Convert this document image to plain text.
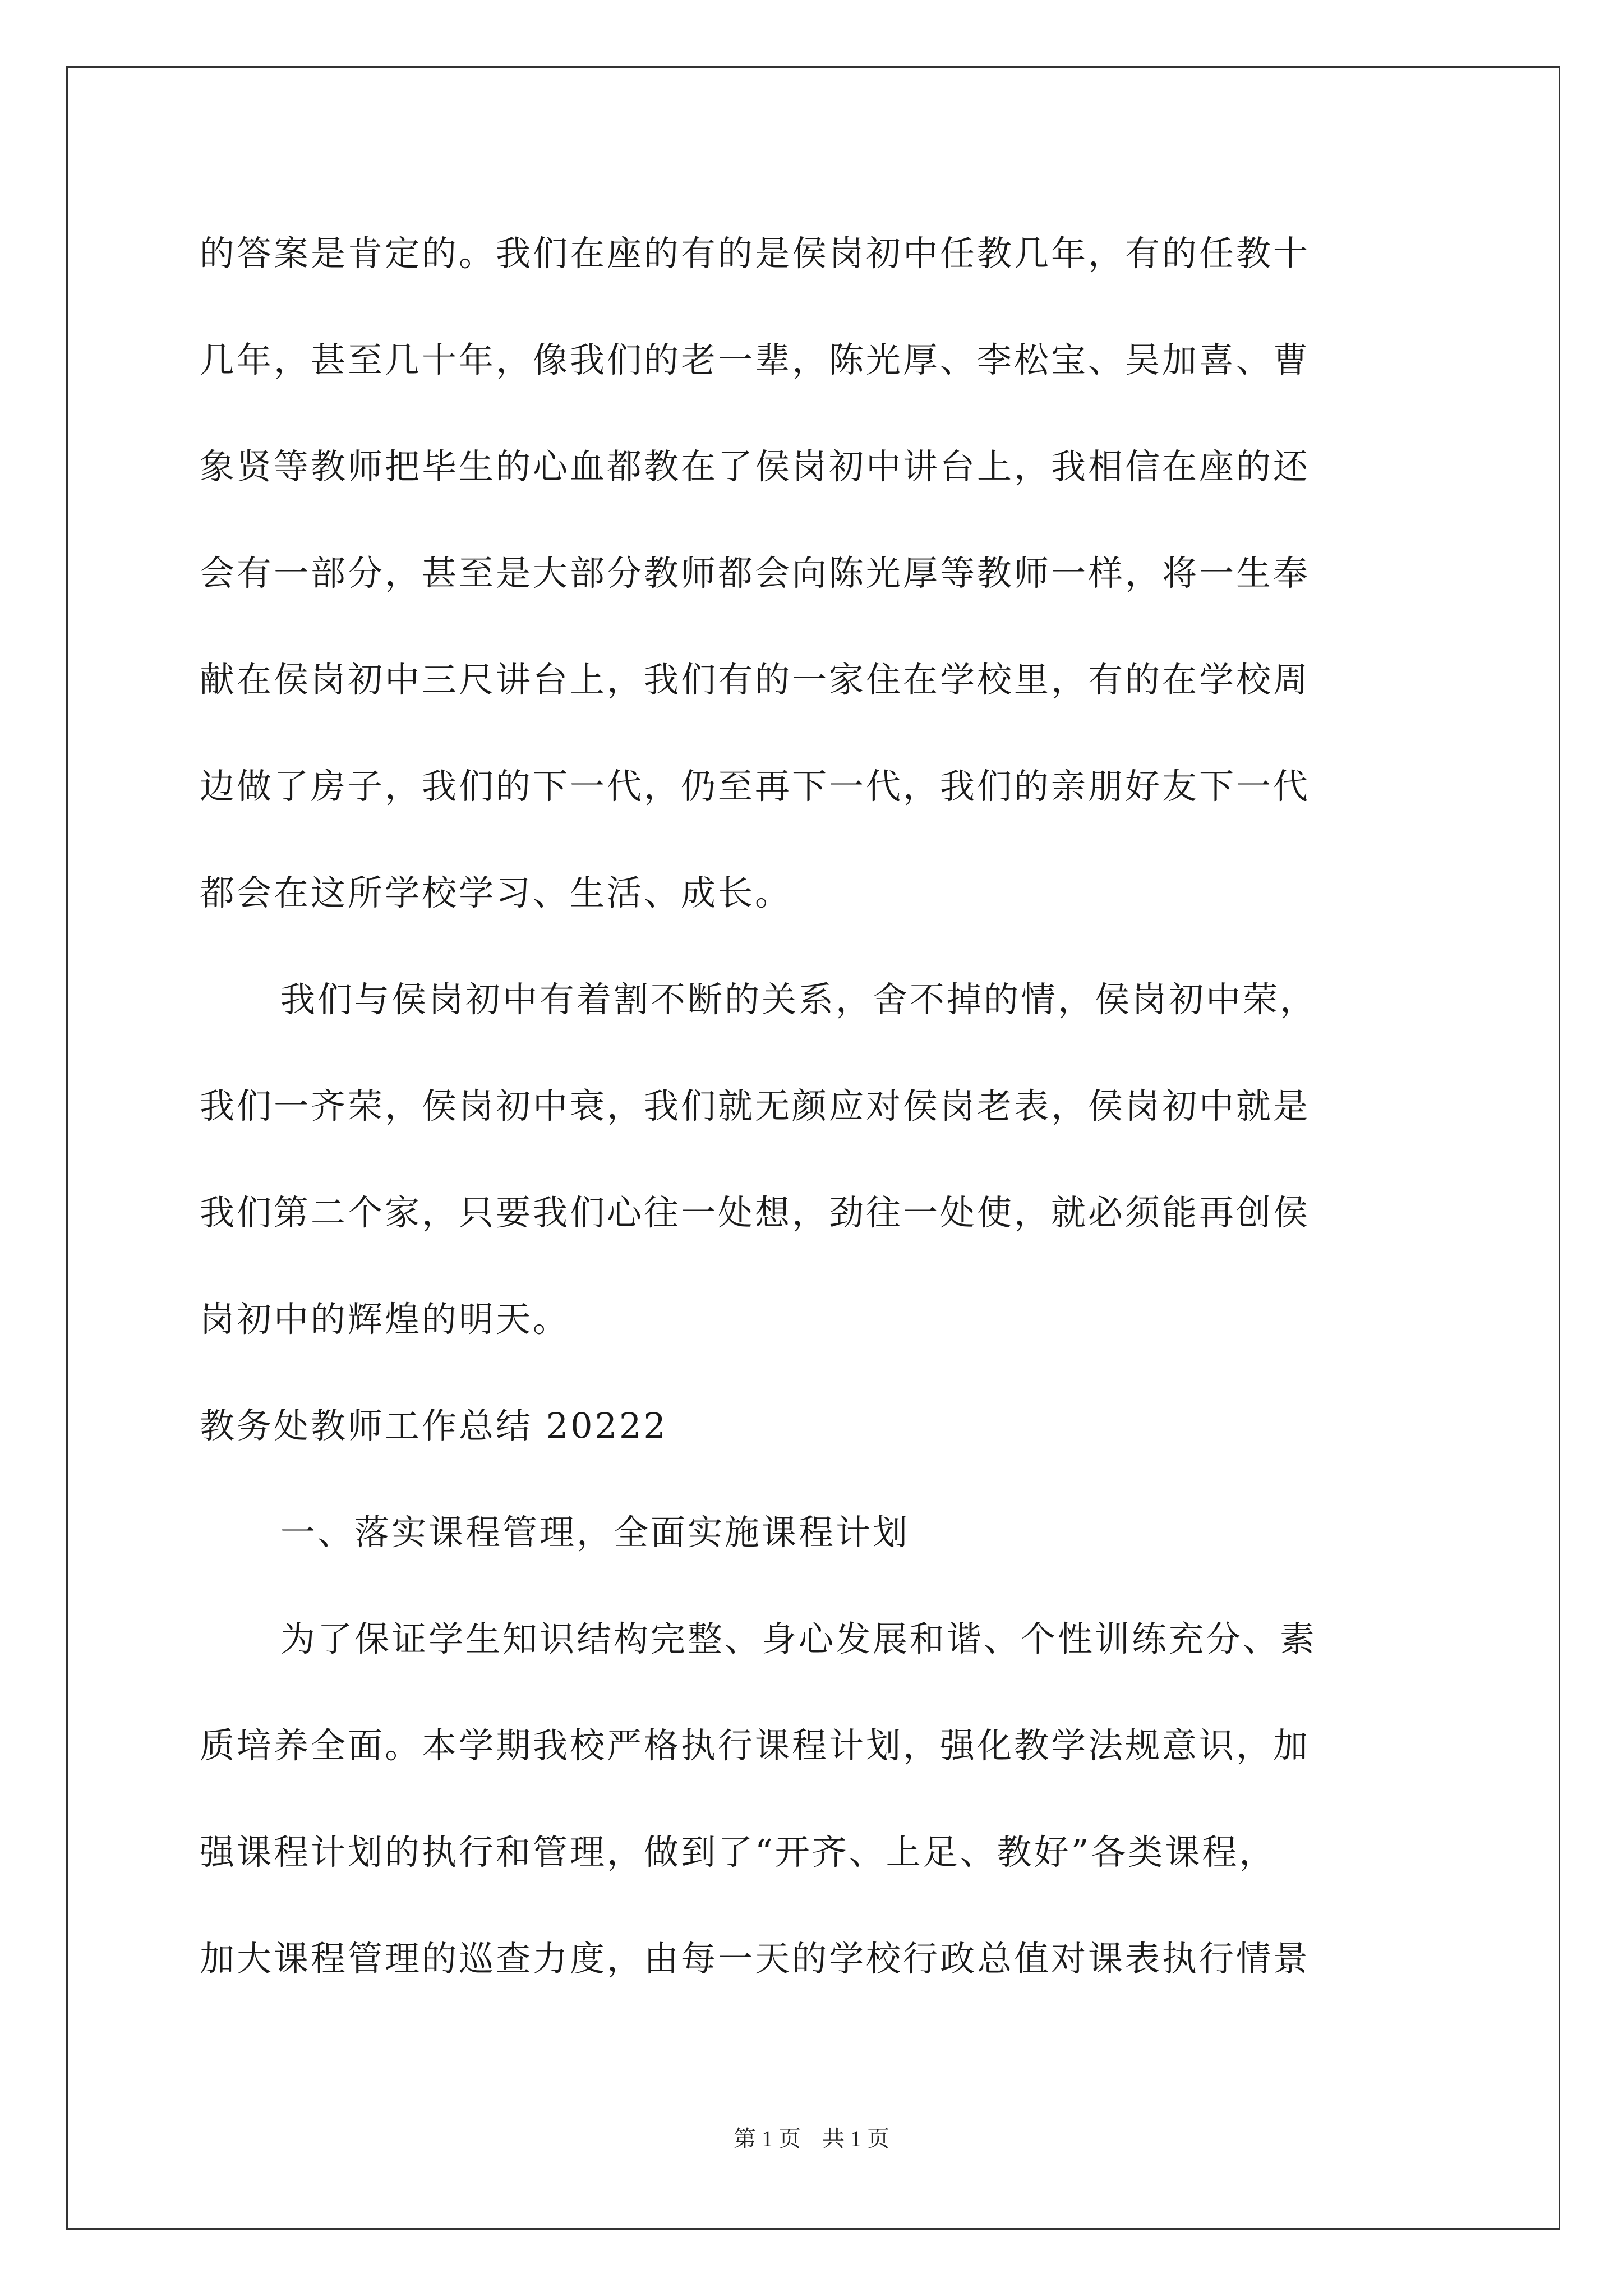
的答案是肯定的。我们在座的有的是侯岗初中任教几年，有的任教十
几年，甚至几十年，像我们的老一辈，陈光厚、李松宝、吴加喜、曹
象贤等教师把毕生的心血都教在了侯岗初中讲台上，我相信在座的还
会有一部分，甚至是大部分教师都会向陈光厚等教师一样，将一生奉
献在侯岗初中三尺讲台上，我们有的一家住在学校里，有的在学校周
边做了房子，我们的下一代，仍至再下一代，我们的亲朋好友下一代
都会在这所学校学习、生活、成长。
我们与侯岗初中有着割不断的关系，舍不掉的情，侯岗初中荣，
我们一齐荣，侯岗初中衰，我们就无颜应对侯岗老表，侯岗初中就是
我们第二个家，只要我们心往一处想，劲往一处使，就必须能再创侯
岗初中的辉煌的明天。
教务处教师工作总结 20222
一、落实课程管理，全面实施课程计划
为了保证学生知识结构完整、身心发展和谐、个性训练充分、素
质培养全面。本学期我校严格执行课程计划，强化教学法规意识，加
强课程计划的执行和管理，做到了“开齐、上足、教好”各类课程，
加大课程管理的巡查力度，由每一天的学校行政总值对课表执行情景
第 1 页 共 1 页
